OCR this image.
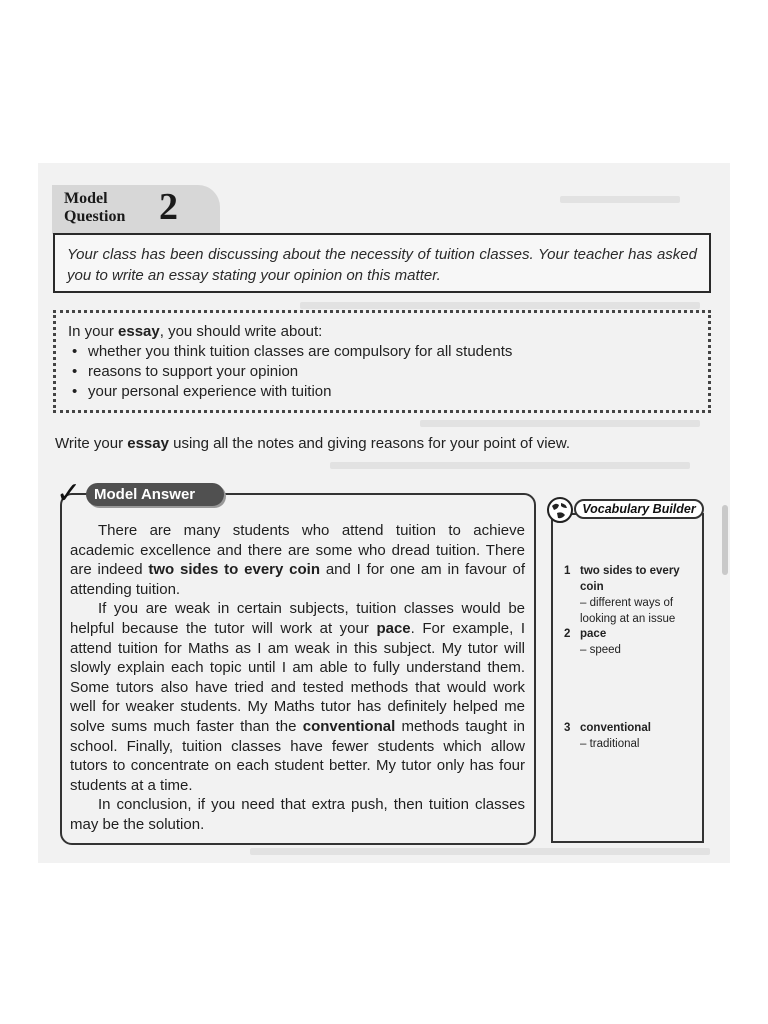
Model
Question 2
Your class has been discussing about the necessity of tuition classes. Your teacher has asked you to write an essay stating your opinion on this matter.
In your essay, you should write about:
• whether you think tuition classes are compulsory for all students
• reasons to support your opinion
• your personal experience with tuition
Write your essay using all the notes and giving reasons for your point of view.

There are many students who attend tuition to achieve academic excellence and there are some who dread tuition. There are indeed two sides to every coin and I for one am in favour of attending tuition.

If you are weak in certain subjects, tuition classes would be helpful because the tutor will work at your pace. For example, I attend tuition for Maths as I am weak in this subject. My tutor will slowly explain each topic until I am able to fully understand them. Some tutors also have tried and tested methods that would work well for weaker students. My Maths tutor has definitely helped me solve sums much faster than the conventional methods taught in school. Finally, tuition classes have fewer students which allow tutors to concentrate on each student better. My tutor only has four students at a time.

In conclusion, if you need that extra push, then tuition classes may be the solution.

Model Answer
✓	Vocabulary Builder
1 two sides to every coin
– different ways of looking at an issue
2 pace
– speed
3 conventional
– traditional
